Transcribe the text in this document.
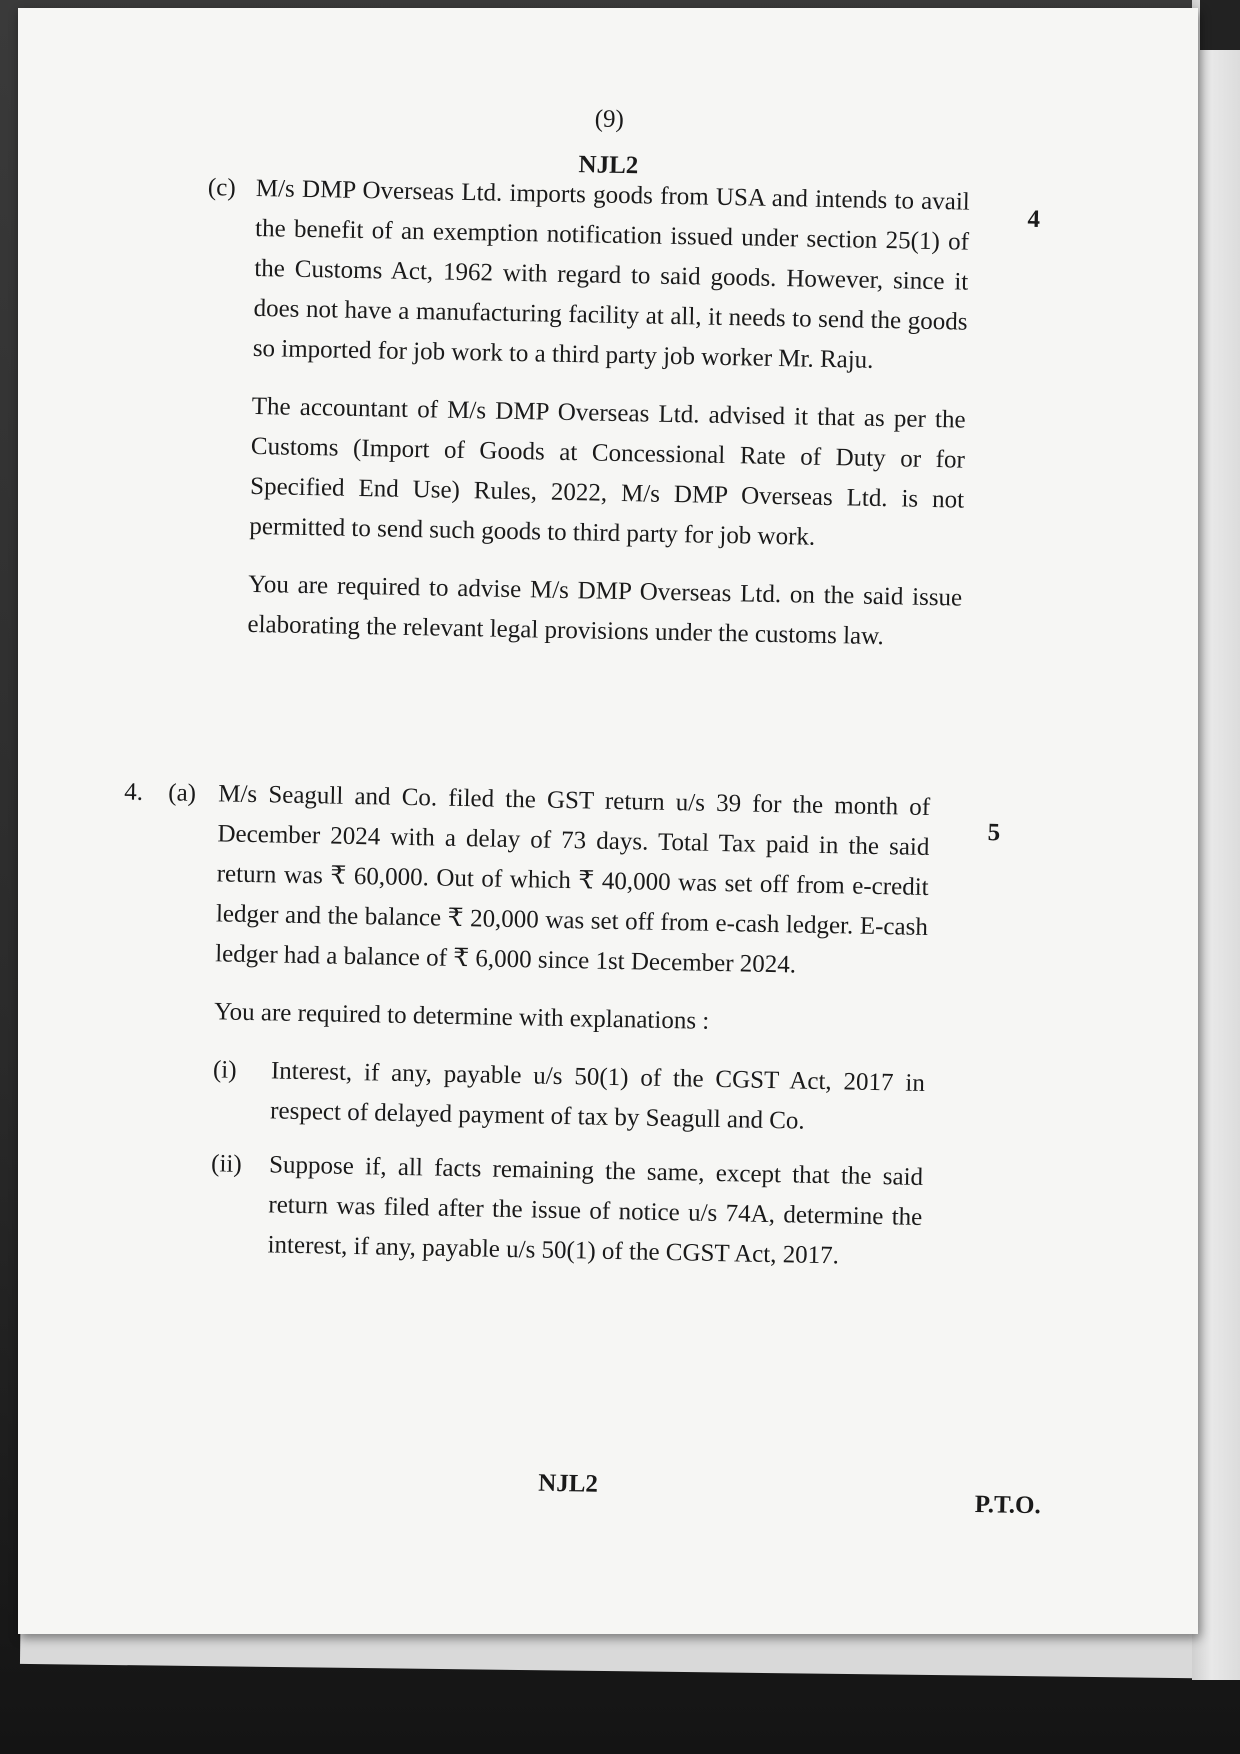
(9)
NJL2
(c)
4

M/s DMP Overseas Ltd. imports goods from USA and intends to avail the benefit of an exemption notification issued under section 25(1) of the Customs Act, 1962 with regard to said goods. However, since it does not have a manufacturing facility at all, it needs to send the goods so imported for job work to a third party job worker Mr. Raju.

The accountant of M/s DMP Overseas Ltd. advised it that as per the Customs (Import of Goods at Concessional Rate of Duty or for Specified End Use) Rules, 2022, M/s DMP Overseas Ltd. is not permitted to send such goods to third party for job work.

You are required to advise M/s DMP Overseas Ltd. on the said issue elaborating the relevant legal provisions under the customs law.

4. (a)
5

M/s Seagull and Co. filed the GST return u/s 39 for the month of December 2024 with a delay of 73 days. Total Tax paid in the said return was ₹ 60,000. Out of which ₹ 40,000 was set off from e-credit ledger and the balance ₹ 20,000 was set off from e-cash ledger. E-cash ledger had a balance of ₹ 6,000 since 1st December 2024.

You are required to determine with explanations :

(i) Interest, if any, payable u/s 50(1) of the CGST Act, 2017 in respect of delayed payment of tax by Seagull and Co.
(ii) Suppose if, all facts remaining the same, except that the said return was filed after the issue of notice u/s 74A, determine the interest, if any, payable u/s 50(1) of the CGST Act, 2017.
NJL2
P.T.O.
